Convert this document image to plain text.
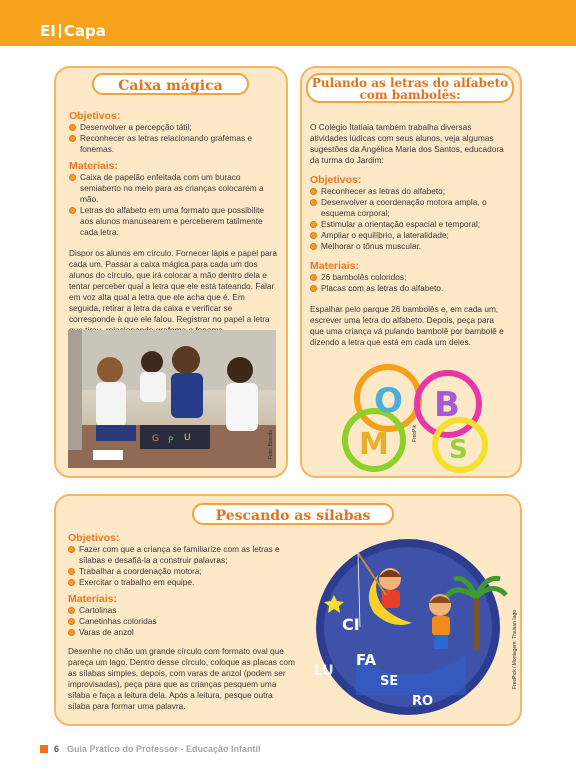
EI Capa
Caixa mágica

Objetivos:

Desenvolver a percepção tátil;
Reconhecer as letras relacionando grafemas e fonemas.

Materiais:

Caixa de papelão enfeitada com um buraco semiaberto no meio para as crianças colocarem a mão.
Letras do alfabeto em uma formato que possibilite aos alunos manusearem e perceberem tatilmente cada letra.
Dispor os alunos em círculo. Fornecer lápis e papel para cada um. Passar a caixa mágica para cada um dos alunos do círculo, que irá colocar a mão dentro dela e tentar perceber qual a letra que ele está tateando. Falar em voz alta qual a letra que ele acha que é. Em seguida, retirar a letra da caixa e verificar se corresponde à que ele falou. Registrar no papel a letra
G P U	Foto: Bossita
Pulando as letras do alfabeto
com bambolês:
O Colégio Itatiaia também trabalha diversas atividades lúdicas com seus alunos, veja algumas sugestões da Angélica Maria dos Santos, educadora da turma do Jardim:

Objetivos:

Reconhecer as letras do alfabeto;
Desenvolver a coordenação motora ampla, o esquema corporal;
Estimular a orientação espacial e temporal;
Ampliar o equilíbrio, a lateralidade;
Melhorar o tônus muscular.

Materiais:

26 bambolês coloridos;
Placas com as letras do alfabeto.
Espalhar pelo parque 26 bambolês e, em cada um, escrever uma letra do alfabeto. Depois, peça para que uma criança vá pulando bambolê por bambolê e dizendo a letra que está em cada um deles.
O B
M S
FreePik
Pescando as sílabas

Objetivos:

Fazer com que a criança se familiarize com as letras e sílabas e desafiá-la a construir palavras;
Trabalhar a coordenação motora;
Exercitar o trabalho em equipe.

Materiais:

Cartolinas
Canetinhas coloridas
Varas de anzol
Desenhe no chão um grande círculo com formato oval que pareça um lago. Dentro desse círculo, coloque as placas com as sílabas simples, depois, com varas de anzol (podem ser improvisadas), peça para que as crianças pesquem uma sílaba e faça a leitura dela. Após a leitura, pesque outra sílaba para formar uma palavra.
CI
LU
FA
SE
RO
FreePick / Montagem: Thaisan Iago
6 Guia Prático do Professor - Educação Infantil
